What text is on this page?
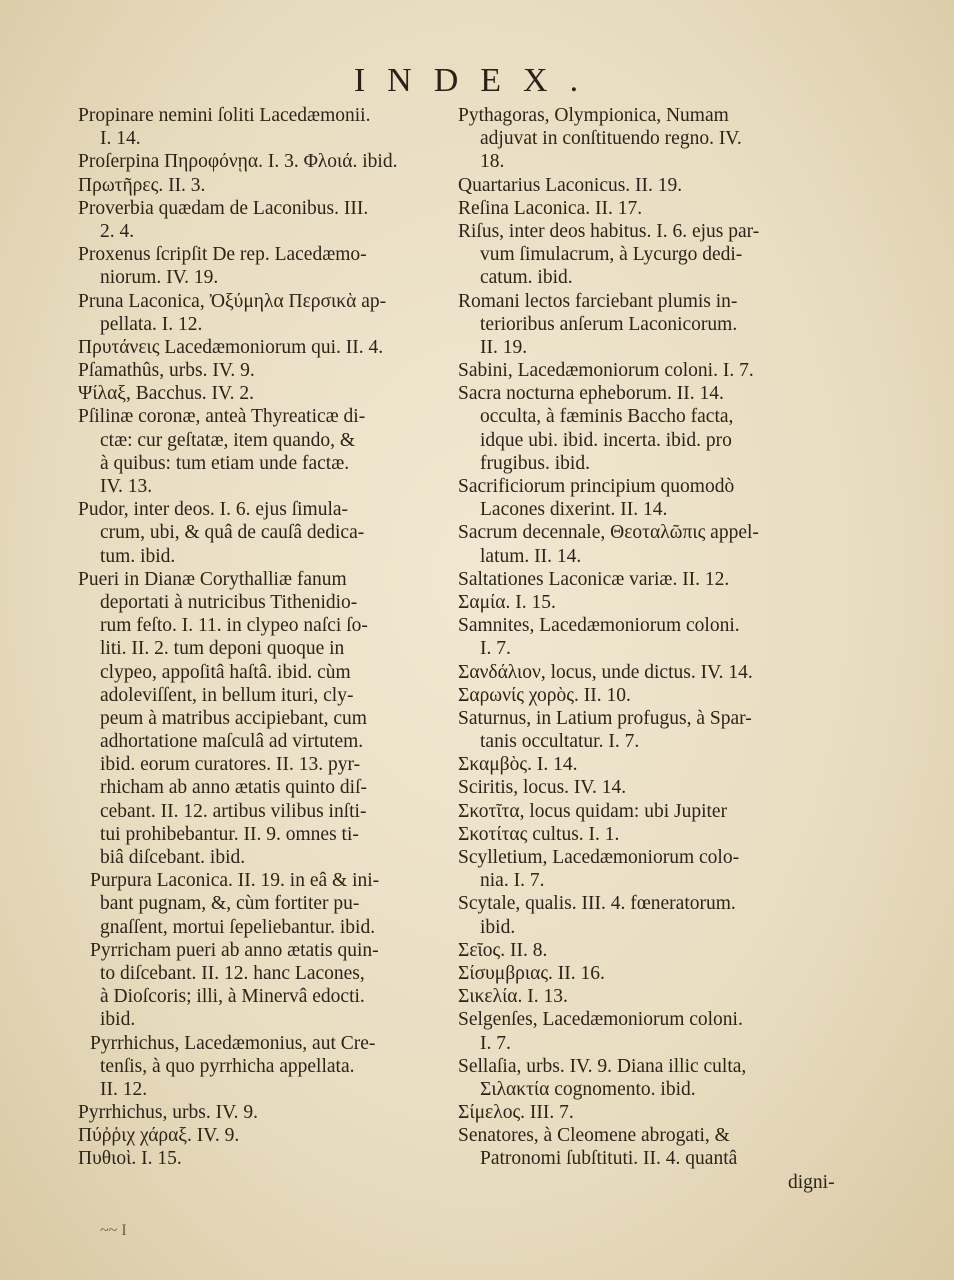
INDEX.
Propinare nemini ſoliti Lacedæmonii.
I. 14.
Proſerpina Πηροφόνῃα. I. 3. Φλοιά. ibid.
Πρωτῆρες. II. 3.
Proverbia quædam de Laconibus. III.
2. 4.
Proxenus ſcripſit De rep. Lacedæmo-
niorum. IV. 19.
Pruna Laconica, Ὀξύμηλα Περσικὰ ap-
pellata. I. 12.
Πρυτάνεις Lacedæmoniorum qui. II. 4.
Pſamathûs, urbs. IV. 9.
Ψίλαξ, Bacchus. IV. 2.
Pſilinæ coronæ, anteà Thyreaticæ di-
ctæ: cur geſtatæ, item quando, &
à quibus: tum etiam unde factæ.
IV. 13.
Pudor, inter deos. I. 6. ejus ſimula-
crum, ubi, & quâ de cauſâ dedica-
tum. ibid.
Pueri in Dianæ Corythalliæ fanum
deportati à nutricibus Tithenidio-
rum feſto. I. 11. in clypeo naſci ſo-
liti. II. 2. tum deponi quoque in
clypeo, appoſitâ haſtâ. ibid. cùm
adoleviſſent, in bellum ituri, cly-
peum à matribus accipiebant, cum
adhortatione maſculâ ad virtutem.
ibid. eorum curatores. II. 13. pyr-
rhicham ab anno ætatis quinto diſ-
cebant. II. 12. artibus vilibus inſti-
tui prohibebantur. II. 9. omnes ti-
biâ diſcebant. ibid.
Purpura Laconica. II. 19. in eâ & ini-
bant pugnam, &, cùm fortiter pu-
gnaſſent, mortui ſepeliebantur. ibid.
Pyrricham pueri ab anno ætatis quin-
to diſcebant. II. 12. hanc Lacones,
à Dioſcoris; illi, à Minervâ edocti.
ibid.
Pyrrhichus, Lacedæmonius, aut Cre-
tenſis, à quo pyrrhicha appellata.
II. 12.
Pyrrhichus, urbs. IV. 9.
Πύῤῥιχ χάραξ. IV. 9.
Πυθιοὶ. I. 15.
Pythagoras, Olympionica, Numam
adjuvat in conſtituendo regno. IV.
18.
Quartarius Laconicus. II. 19.
Reſina Laconica. II. 17.
Riſus, inter deos habitus. I. 6. ejus par-
vum ſimulacrum, à Lycurgo dedi-
catum. ibid.
Romani lectos farciebant plumis in-
terioribus anſerum Laconicorum.
II. 19.
Sabini, Lacedæmoniorum coloni. I. 7.
Sacra nocturna epheborum. II. 14.
occulta, à fæminis Baccho facta,
idque ubi. ibid. incerta. ibid. pro
frugibus. ibid.
Sacrificiorum principium quomodò
Lacones dixerint. II. 14.
Sacrum decennale, Θεοταλῶπις appel-
latum. II. 14.
Saltationes Laconicæ variæ. II. 12.
Σαμία. I. 15.
Samnites, Lacedæmoniorum coloni.
I. 7.
Σανδάλιον, locus, unde dictus. IV. 14.
Σαρωνίς χορὸς. II. 10.
Saturnus, in Latium profugus, à Spar-
tanis occultatur. I. 7.
Σκαμβὸς. I. 14.
Sciritis, locus. IV. 14.
Σκοτῖτα, locus quidam: ubi Jupiter
Σκοτίτας cultus. I. 1.
Scylletium, Lacedæmoniorum colo-
nia. I. 7.
Scytale, qualis. III. 4. fœneratorum.
ibid.
Σεῖος. II. 8.
Σίσυμβριας. II. 16.
Σικελία. I. 13.
Selgenſes, Lacedæmoniorum coloni.
I. 7.
Sellaſia, urbs. IV. 9. Diana illic culta,
Σιλακτία cognomento. ibid.
Σίμελος. III. 7.
Senatores, à Cleomene abrogati, &
Patronomi ſubſtituti. II. 4. quantâ
digni-
~~ I
